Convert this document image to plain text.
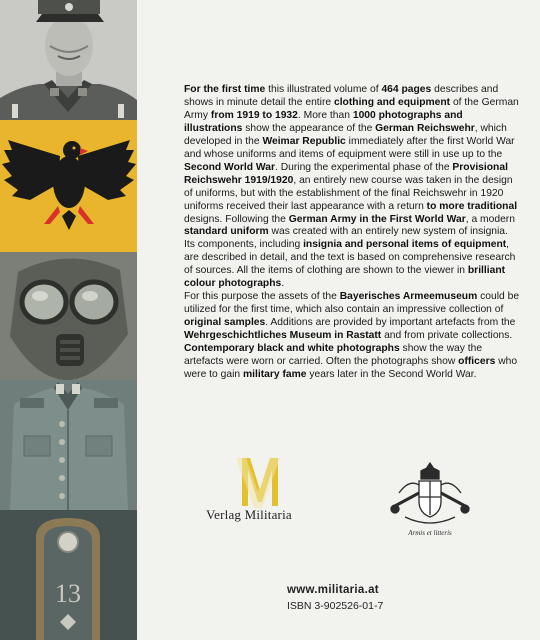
13

For the first time this illustrated volume of 464 pages describes and shows in minute detail the entire clothing and equipment of the German Army from 1919 to 1932. More than 1000 photographs and illustrations show the appearance of the German Reichswehr, which developed in the Weimar Republic immediately after the first World War and whose uniforms and items of equipment were still in use up to the Second World War. During the experimental phase of the Provisional Reichswehr 1919/1920, an entirely new course was taken in the design of uniforms, but with the establishment of the final Reichswehr in 1920 uniforms received their last appearance with a return to more traditional designs. Following the German Army in the First World War, a modern standard uniform was created with an entirely new system of insignia. Its components, including insignia and personal items of equipment, are described in detail, and the text is based on comprehensive research of sources. All the items of clothing are shown to the viewer in brilliant colour photographs.
For this purpose the assets of the Bayerisches Armeemuseum could be utilized for the first time, which also contain an impressive collection of original samples. Additions are provided by important artefacts from the Wehrgeschichtliches Museum in Rastatt and from private collections. Contemporary black and white photographs show the way the artefacts were worn or carried. Often the photographs show officers who were to gain military fame years later in the Second World War.

Verlag Militaria
Armis et litteris
www.militaria.at
ISBN 3-902526-01-7
